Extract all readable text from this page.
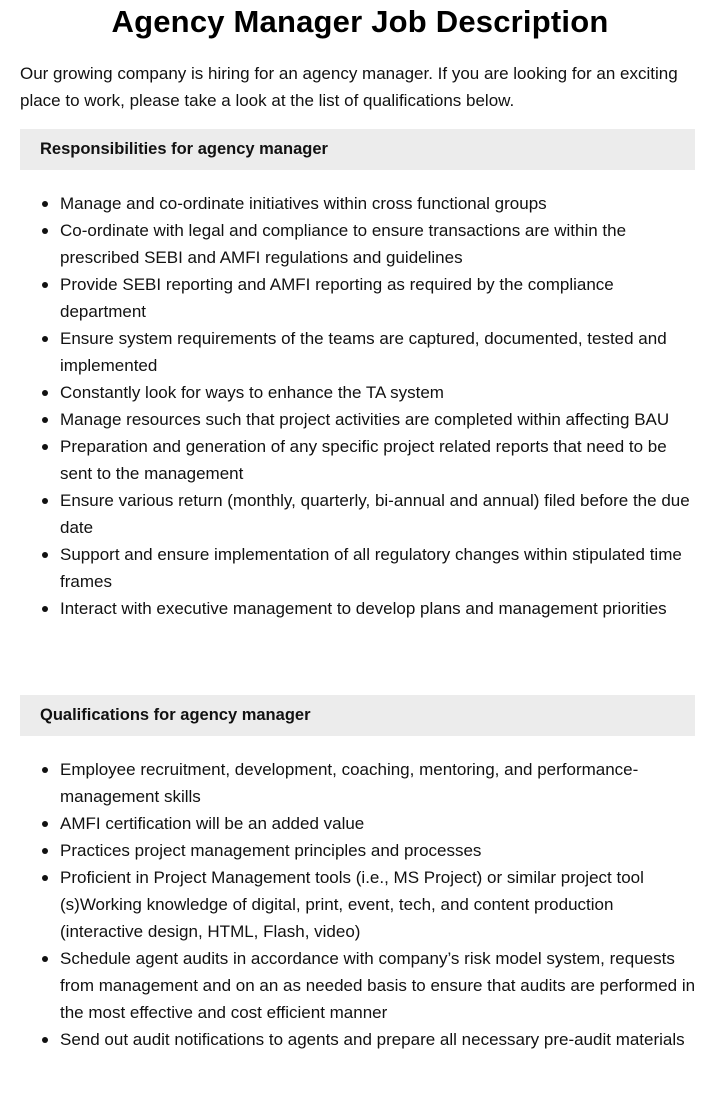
Agency Manager Job Description

Our growing company is hiring for an agency manager. If you are looking for an exciting place to work, please take a look at the list of qualifications below.

Responsibilities for agency manager
Manage and co-ordinate initiatives within cross functional groups
Co-ordinate with legal and compliance to ensure transactions are within the prescribed SEBI and AMFI regulations and guidelines
Provide SEBI reporting and AMFI reporting as required by the compliance department
Ensure system requirements of the teams are captured, documented, tested and implemented
Constantly look for ways to enhance the TA system
Manage resources such that project activities are completed within affecting BAU
Preparation and generation of any specific project related reports that need to be sent to the management
Ensure various return (monthly, quarterly, bi-annual and annual) filed before the due date
Support and ensure implementation of all regulatory changes within stipulated time frames
Interact with executive management to develop plans and management priorities
Qualifications for agency manager
Employee recruitment, development, coaching, mentoring, and performance-management skills
AMFI certification will be an added value
Practices project management principles and processes
Proficient in Project Management tools (i.e., MS Project) or similar project tool (s)Working knowledge of digital, print, event, tech, and content production (interactive design, HTML, Flash, video)
Schedule agent audits in accordance with company’s risk model system, requests from management and on an as needed basis to ensure that audits are performed in the most effective and cost efficient manner
Send out audit notifications to agents and prepare all necessary pre-audit materials
